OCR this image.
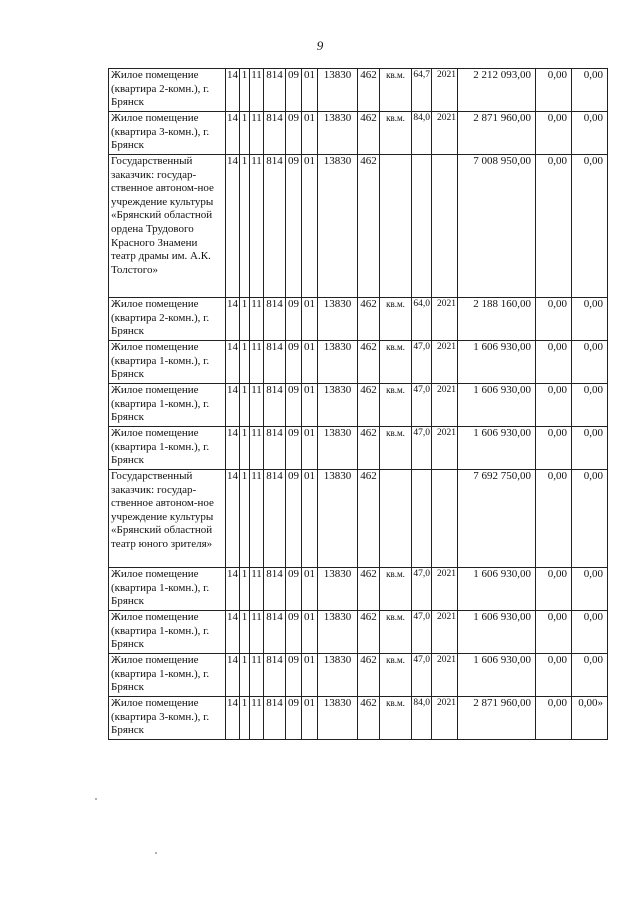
9
Жилое помещение (квартира 2-комн.), г. Брянск	14	1	11	814	09	01	13830	462	кв.м.	64,7	2021	2 212 093,00	0,00	0,00
Жилое помещение (квартира 3-комн.), г. Брянск	14	1	11	814	09	01	13830	462	кв.м.	84,0	2021	2 871 960,00	0,00	0,00
Государственный заказчик: государ-ственное автоном-ное учреждение культуры «Брянский областной ордена Трудового Красного Знамени театр драмы им. А.К. Толстого»	14	1	11	814	09	01	13830	462				7 008 950,00	0,00	0,00
Жилое помещение (квартира 2-комн.), г. Брянск	14	1	11	814	09	01	13830	462	кв.м.	64,0	2021	2 188 160,00	0,00	0,00
Жилое помещение (квартира 1-комн.), г. Брянск	14	1	11	814	09	01	13830	462	кв.м.	47,0	2021	1 606 930,00	0,00	0,00
Жилое помещение (квартира 1-комн.), г. Брянск	14	1	11	814	09	01	13830	462	кв.м.	47,0	2021	1 606 930,00	0,00	0,00
Жилое помещение (квартира 1-комн.), г. Брянск	14	1	11	814	09	01	13830	462	кв.м.	47,0	2021	1 606 930,00	0,00	0,00
Государственный заказчик: государ-ственное автоном-ное учреждение культуры «Брянский областной театр юного зрителя»	14	1	11	814	09	01	13830	462				7 692 750,00	0,00	0,00
Жилое помещение (квартира 1-комн.), г. Брянск	14	1	11	814	09	01	13830	462	кв.м.	47,0	2021	1 606 930,00	0,00	0,00
Жилое помещение (квартира 1-комн.), г. Брянск	14	1	11	814	09	01	13830	462	кв.м.	47,0	2021	1 606 930,00	0,00	0,00
Жилое помещение (квартира 1-комн.), г. Брянск	14	1	11	814	09	01	13830	462	кв.м.	47,0	2021	1 606 930,00	0,00	0,00
Жилое помещение (квартира 3-комн.), г. Брянск	14	1	11	814	09	01	13830	462	кв.м.	84,0	2021	2 871 960,00	0,00	0,00»
